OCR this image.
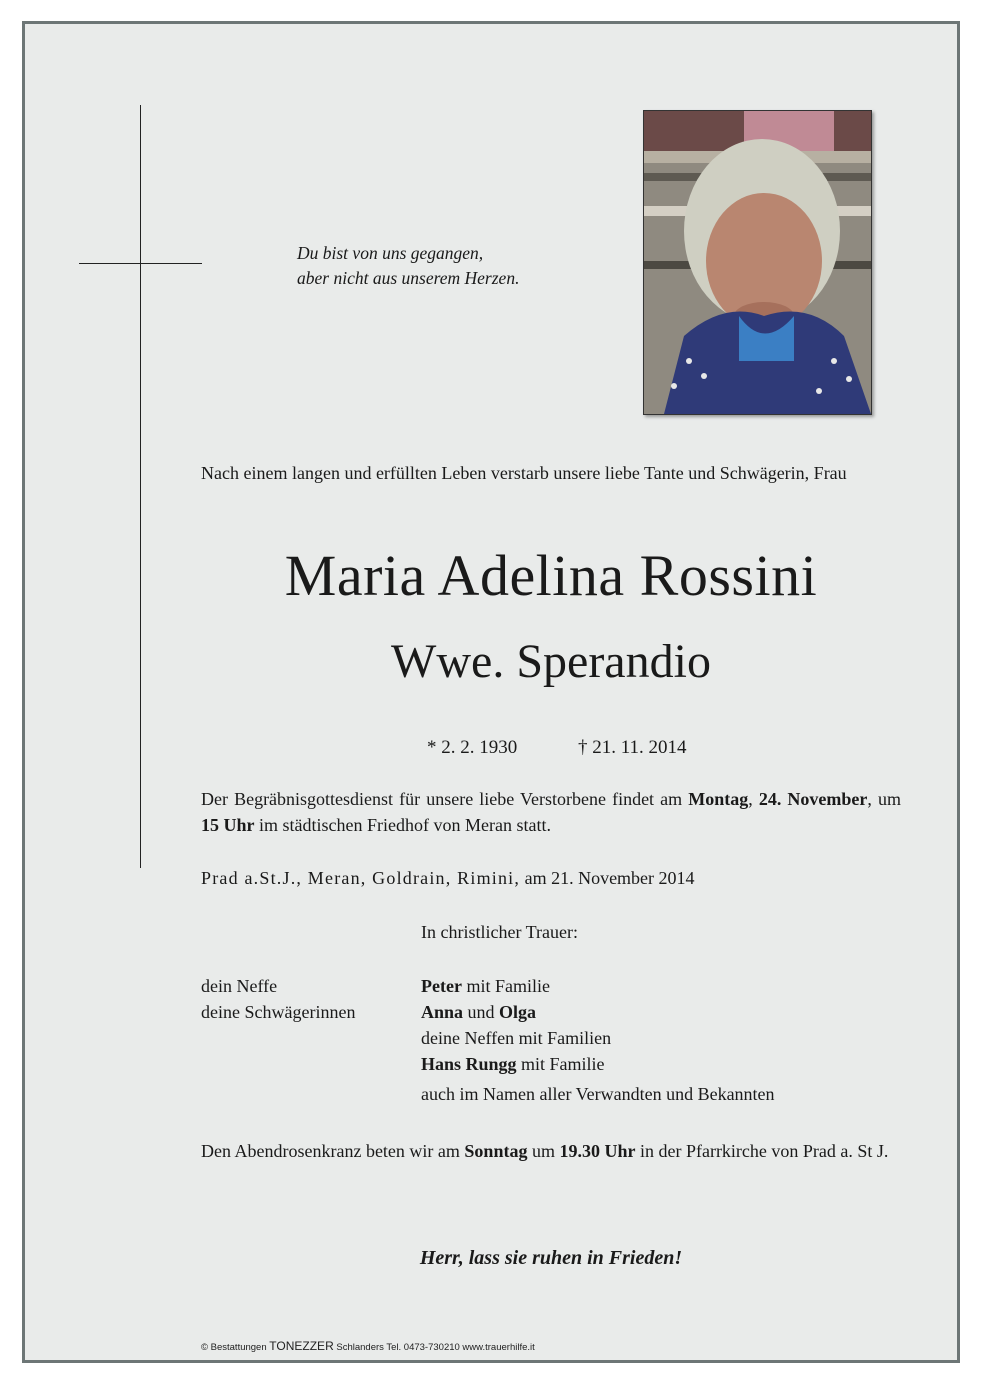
Du bist von uns gegangen,
aber nicht aus unserem Herzen.
Nach einem langen und erfüllten Leben verstarb unsere liebe Tante und Schwägerin, Frau
Maria Adelina Rossini
Wwe. Sperandio
* 2. 2. 1930	† 21. 11. 2014
Der Begräbnisgottesdienst für unsere liebe Verstorbene findet am Montag, 24. November, um 15 Uhr im städtischen Friedhof von Meran statt.
Prad a.St.J., Meran, Goldrain, Rimini, am 21. November 2014
In christlicher Trauer:
dein Neffe
deine Schwägerinnen
Peter mit Familie
Anna und Olga
deine Neffen mit Familien
Hans Rungg mit Familie
auch im Namen aller Verwandten und Bekannten
Den Abendrosenkranz beten wir am Sonntag um 19.30 Uhr in der Pfarrkirche von Prad a. St J.
Herr, lass sie ruhen in Frieden!
© Bestattungen TONEZZER Schlanders Tel. 0473-730210 www.trauerhilfe.it
